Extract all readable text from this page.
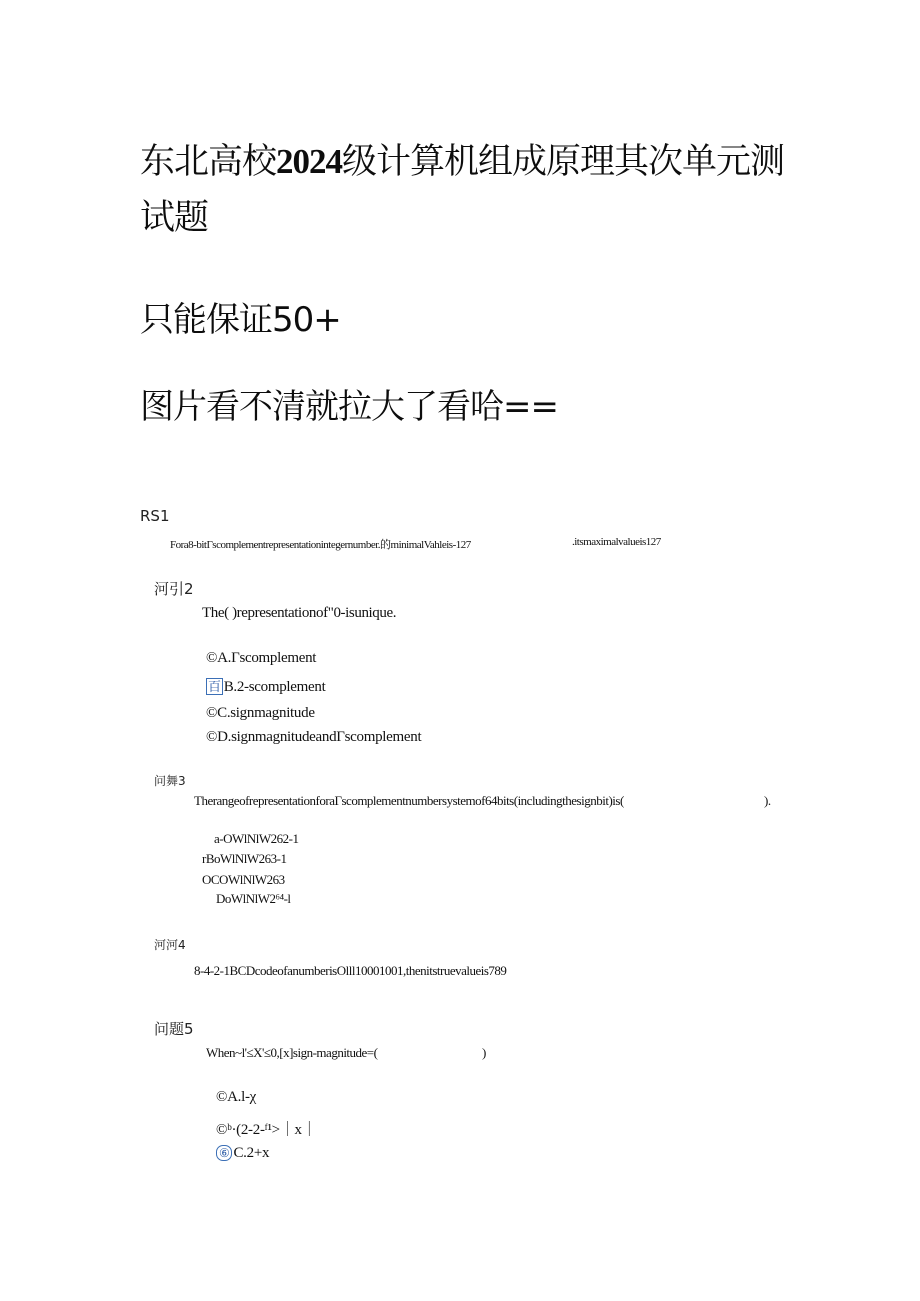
东北高校2024级计算机组成原理其次单元测
试题
只能保证50+
图片看不清就拉大了看哈==
RS1
Fora8-bitΓscomplementrepresentationintegernumber.的minimalVahleis-127	.itsmaximalvalueis127
河引2
The( )representationof"0-isunique.
©A.Γscomplement
百 B.2-scomplement
©C.signmagnitude
©D.signmagnitudeandΓscomplement
问舞3
TherangeofrepresentationforaΓscomplementnumbersystemof64bits(includingthesignbit)is(	).
a-OWlNlW262-1
rBoWlNlW263-1
OCOWlNlW263
DoWlNlW2⁶⁴-l
河河4
8-4-2-1BCDcodeofanumberisOlll10001001,thenitstruevalueis789
问题5
When~l'≤X'≤0,[x]sign-magnitude=(	)
©A.l-χ
©ᵇ·(2-2-ᶠ¹>｜x｜
⑥ C.2+x
